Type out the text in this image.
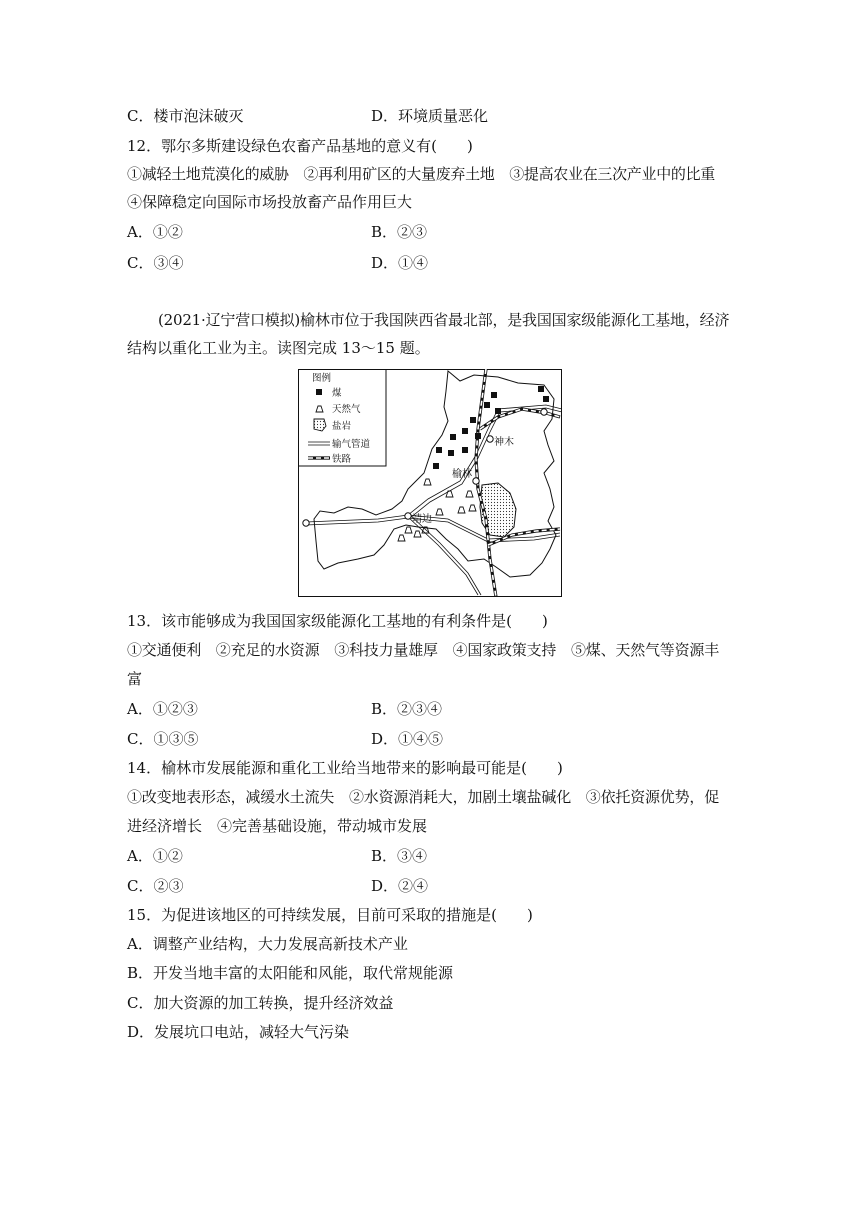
C．楼市泡沫破灭	D．环境质量恶化
12．鄂尔多斯建设绿色农畜产品基地的意义有(　　)
①减轻土地荒漠化的威胁　②再利用矿区的大量废弃土地　③提高农业在三次产业中的比重
④保障稳定向国际市场投放畜产品作用巨大
A．①②	B．②③
C．③④	D．①④
(2021·辽宁营口模拟)榆林市位于我国陕西省最北部，是我国国家级能源化工基地，经济
结构以重化工业为主。读图完成 13～15 题。
神木
榆林
靖边
图例
煤
天然气
盐岩
输气管道
铁路
13．该市能够成为我国国家级能源化工基地的有利条件是(　　)
①交通便利　②充足的水资源　③科技力量雄厚　④国家政策支持　⑤煤、天然气等资源丰
富
A．①②③	B．②③④
C．①③⑤	D．①④⑤
14．榆林市发展能源和重化工业给当地带来的影响最可能是(　　)
①改变地表形态，减缓水土流失　②水资源消耗大，加剧土壤盐碱化　③依托资源优势，促
进经济增长　④完善基础设施，带动城市发展
A．①②	B．③④
C．②③	D．②④
15．为促进该地区的可持续发展，目前可采取的措施是(　　)
A．调整产业结构，大力发展高新技术产业
B．开发当地丰富的太阳能和风能，取代常规能源
C．加大资源的加工转换，提升经济效益
D．发展坑口电站，减轻大气污染
